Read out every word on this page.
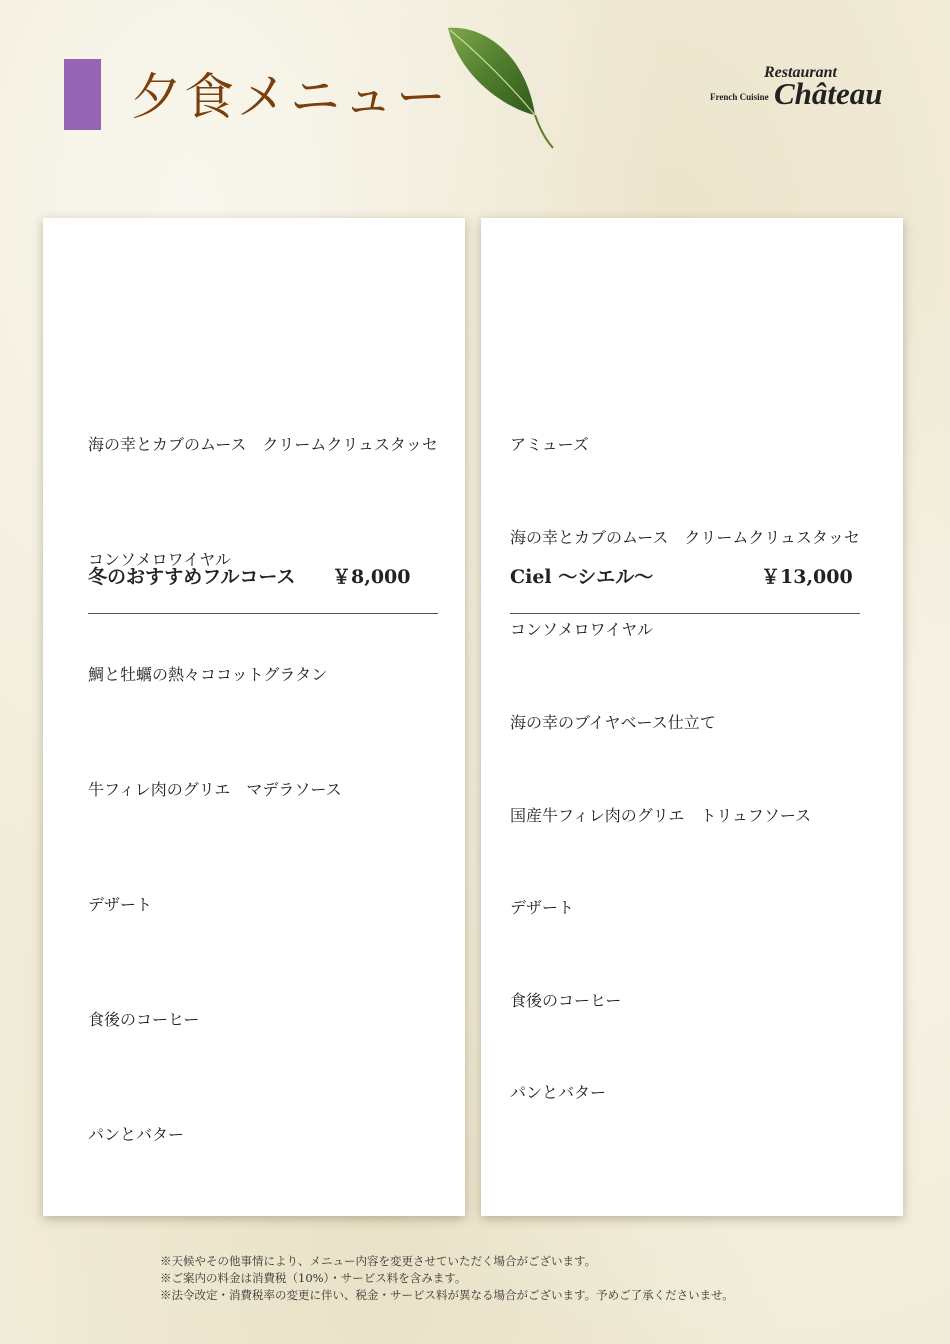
夕食メニュー	Restaurant
French Cuisine Château
冬のおすすめフルコース ￥8,000
海の幸とカブのムース　クリームクリュスタッセ
コンソメロワイヤル
鯛と牡蠣の熱々ココットグラタン
牛フィレ肉のグリエ　マデラソース
デザート
食後のコーヒー
パンとバター
Ciel ～シエル～	￥13,000
アミューズ
海の幸とカブのムース　クリームクリュスタッセ
コンソメロワイヤル
海の幸のブイヤベース仕立て
国産牛フィレ肉のグリエ　トリュフソース
デザート
食後のコーヒー
パンとバター
※天候やその他事情により、メニュー内容を変更させていただく場合がございます。
※ご案内の料金は消費税（10%）・サービス料を含みます。
※法令改定・消費税率の変更に伴い、税金・サービス料が異なる場合がございます。予めご了承くださいませ。
